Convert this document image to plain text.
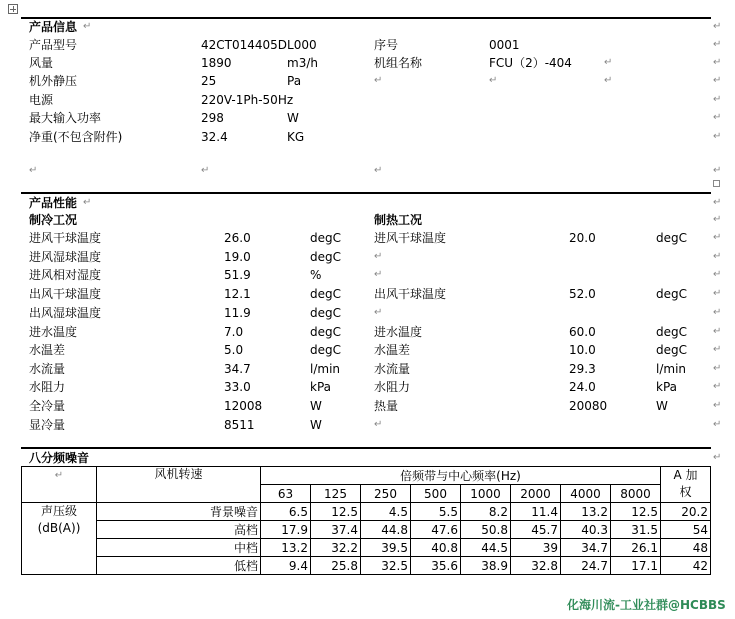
产品信息
产品型号	42CT014405DL000	序号	0001
风量	1890	m3/h	机组名称	FCU（2）-404
机外静压	25	Pa
电源	220V-1Ph-50Hz
最大输入功率	298	W
净重(不包含附件)	32.4	KG
↵	↵
↵
↵
↵
↵
↵
↵
↵
↵	↵	↵
↵
↵
↵	↵
产品性能
制冷工况	制热工况
↵	↵
↵
进风干球温度	26.0	degC	进风干球温度	20.0	degC	↵
进风湿球温度	19.0	degC	↵	↵
进风相对湿度	51.9	%	↵	↵
出风干球温度	12.1	degC	出风干球温度	52.0	degC	↵
出风湿球温度	11.9	degC	↵	↵
进水温度	7.0	degC	进水温度	60.0	degC	↵
水温差	5.0	degC	水温差	10.0	degC	↵
水流量	34.7	l/min	水流量	29.3	l/min	↵
水阻力	33.0	kPa	水阻力	24.0	kPa	↵
全冷量	12008	W	热量	20080	W	↵
显冷量	8511	W	↵	↵
八分频噪音	↵
↵	风机转速	倍频带与中心频率(Hz)								A 加
权
		63	125	250	500	1000	2000	4000	8000	
声压级
(dB(A))	背景噪音	6.5	12.5	4.5	5.5	8.2	11.4	13.2	12.5	20.2
	高档	17.9	37.4	44.8	47.6	50.8	45.7	40.3	31.5	54
	中档	13.2	32.2	39.5	40.8	44.5	39	34.7	26.1	48
	低档	9.4	25.8	32.5	35.6	38.9	32.8	24.7	17.1	42
化海川流-工业社群@HCBBS
